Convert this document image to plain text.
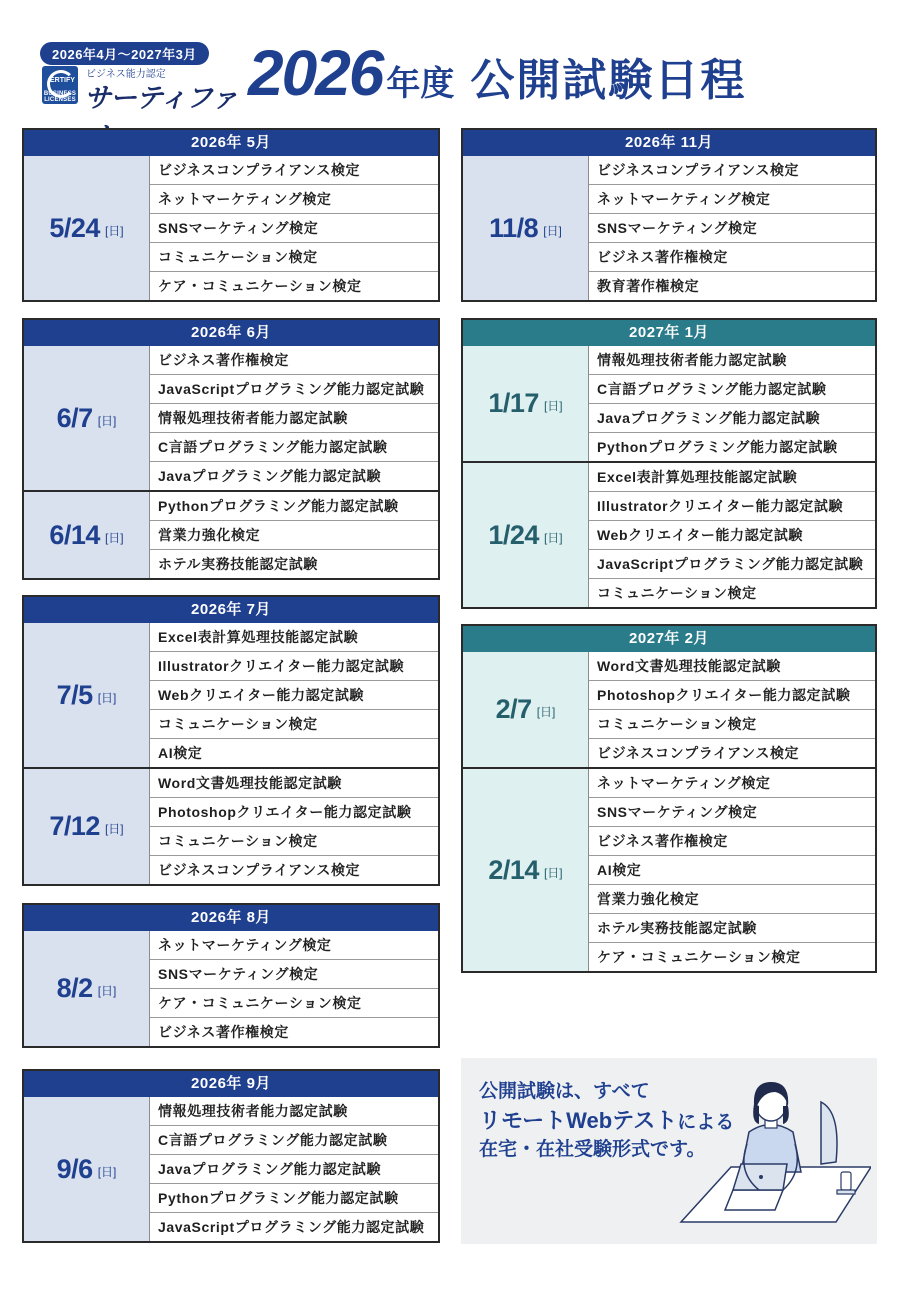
2026年4月～2027年3月
ERTIFY
BUSINESS LICENSES
ビジネス能力認定
サーティファ 2026 年度 公開試験日程
2026年 5月
5/24 [日]
ビジネスコンプライアンス検定
ネットマーケティング検定
SNSマーケティング検定
コミュニケーション検定
ケア・コミュニケーション検定
2026年 6月
6/7 [日]
ビジネス著作権検定
JavaScriptプログラミング能力認定試験
情報処理技術者能力認定試験
C言語プログラミング能力認定試験
Javaプログラミング能力認定試験
6/14 [日]
Pythonプログラミング能力認定試験
営業力強化検定
ホテル実務技能認定試験
2026年 7月
7/5 [日]
Excel表計算処理技能認定試験
Illustratorクリエイター能力認定試験
Webクリエイター能力認定試験
コミュニケーション検定
AI検定
7/12 [日]
Word文書処理技能認定試験
Photoshopクリエイター能力認定試験
コミュニケーション検定
ビジネスコンプライアンス検定
2026年 8月
8/2 [日]
ネットマーケティング検定
SNSマーケティング検定
ケア・コミュニケーション検定
ビジネス著作権検定
2026年 9月
9/6 [日]
情報処理技術者能力認定試験
C言語プログラミング能力認定試験
Javaプログラミング能力認定試験
Pythonプログラミング能力認定試験
JavaScriptプログラミング能力認定試験
2026年 11月
11/8 [日]
ビジネスコンプライアンス検定
ネットマーケティング検定
SNSマーケティング検定
ビジネス著作権検定
教育著作権検定
2027年 1月
1/17 [日]
情報処理技術者能力認定試験
C言語プログラミング能力認定試験
Javaプログラミング能力認定試験
Pythonプログラミング能力認定試験
1/24 [日]
Excel表計算処理技能認定試験
Illustratorクリエイター能力認定試験
Webクリエイター能力認定試験
JavaScriptプログラミング能力認定試験
コミュニケーション検定
2027年 2月
2/7 [日]
Word文書処理技能認定試験
Photoshopクリエイター能力認定試験
コミュニケーション検定
ビジネスコンプライアンス検定
2/14 [日]
ネットマーケティング検定
SNSマーケティング検定
ビジネス著作権検定
AI検定
営業力強化検定
ホテル実務技能認定試験
ケア・コミュニケーション検定
公開試験は、すべて
リモートWebテストによる
在宅・在社受験形式です。
